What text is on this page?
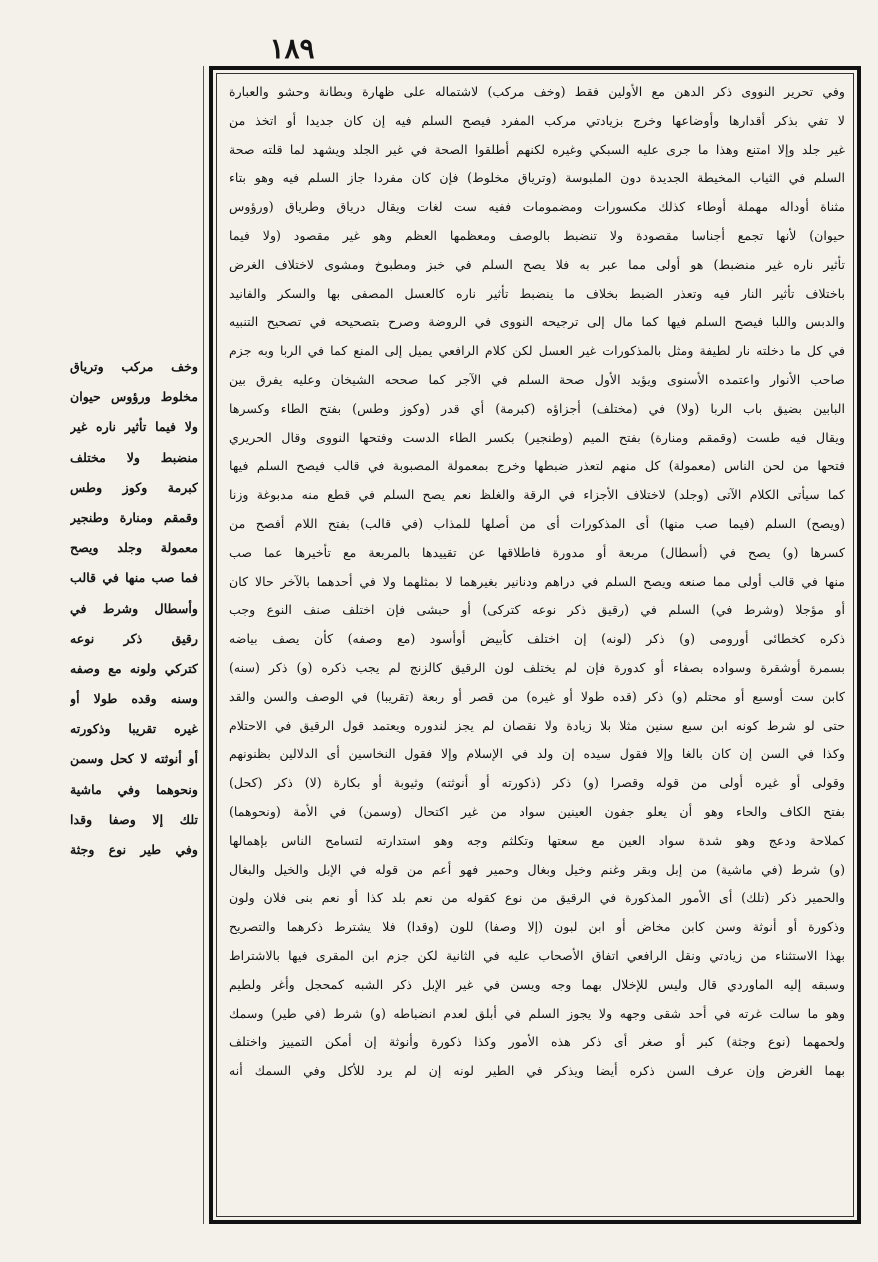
١٨٩
وخف مركب وترياق
مخلوط ورؤوس حيوان
ولا فيما تأثير ناره غير
منضبط ولا مختلف
كبرمة وكوز وطس
وقمقم ومنارة وطنجير
معمولة وجلد ويصح
فما صب منها في قالب
وأسطال وشرط في
رقيق ذكر نوعه
كتركي ولونه مع وصفه
وسنه وقده طولا أو
غيره تقريبا وذكورته
أو أنوثته لا كحل وسمن
ونحوهما وفي ماشية
تلك إلا وصفا وقدا
وفي طير نوع وجثة
وفي تحرير النووى ذكر الدهن مع الأولين فقط (وخف مركب) لاشتماله على ظهارة وبطانة وحشو والعبارة
لا تفي بذكر أقدارها وأوضاعها وخرج بزيادتي مركب المفرد فيصح السلم فيه إن كان جديدا أو اتخذ من
غير جلد وإلا امتنع وهذا ما جرى عليه السبكي وغيره لكنهم أطلقوا الصحة في غير الجلد ويشهد لما قلته صحة
السلم في الثياب المخيطة الجديدة دون الملبوسة (وترياق مخلوط) فإن كان مفردا جاز السلم فيه وهو بتاء
مثناة أوداله مهملة أوطاء كذلك مكسورات ومضمومات ففيه ست لغات ويقال درياق وطرياق (ورؤوس
حيوان) لأنها تجمع أجناسا مقصودة ولا تنضبط بالوصف ومعظمها العظم وهو غير مقصود (ولا فيما
تأثير ناره غير منضبط) هو أولى مما عبر به فلا يصح السلم في خبز ومطبوخ ومشوى لاختلاف الغرض
باختلاف تأثير النار فيه وتعذر الضبط بخلاف ما ينضبط تأثير ناره كالعسل المصفى بها والسكر والفانيد
والدبس واللبا فيصح السلم فيها كما مال إلى ترجيحه النووى في الروضة وصرح بتصحيحه في تصحيح التنبيه
في كل ما دخلته نار لطيفة ومثل بالمذكورات غير العسل لكن كلام الرافعي يميل إلى المنع كما في الربا وبه جزم
صاحب الأنوار واعتمده الأسنوى ويؤيد الأول صحة السلم في الآجر كما صححه الشيخان وعليه يفرق بين
البابين بضيق باب الربا (ولا) في (مختلف) أجزاؤه (كبرمة) أي قدر (وكوز وطس) بفتح الطاء وكسرها
ويقال فيه طست (وقمقم ومنارة) بفتح الميم (وطنجير) بكسر الطاء الدست وفتحها النووى وقال الحريري
فتحها من لحن الناس (معمولة) كل منهم لتعذر ضبطها وخرج بمعمولة المصبوبة في قالب فيصح السلم فيها
كما سيأتى الكلام الآتى (وجلد) لاختلاف الأجزاء في الرقة والغلظ نعم يصح السلم في قطع منه مدبوغة وزنا
(ويصح) السلم (فيما صب منها) أى المذكورات أى من أصلها للمذاب (في قالب) بفتح اللام أفصح من
كسرها (و) يصح في (أسطال) مربعة أو مدورة فاطلاقها عن تقييدها بالمربعة مع تأخيرها عما صب
منها في قالب أولى مما صنعه ويصح السلم في دراهم ودنانير بغيرهما لا بمثلهما ولا في أحدهما بالآخر حالا كان
أو مؤجلا (وشرط في) السلم في (رقيق ذكر نوعه كتركى) أو حبشى فإن اختلف صنف النوع وجب
ذكره كخطائى أورومى (و) ذكر (لونه) إن اختلف كأبيض أوأسود (مع وصفه) كأن يصف بياضه
بسمرة أوشقرة وسواده بصفاء أو كدورة فإن لم يختلف لون الرقيق كالزنج لم يجب ذكره (و) ذكر (سنه)
كابن ست أوسبع أو محتلم (و) ذكر (قده طولا أو غيره) من قصر أو ربعة (تقريبا) في الوصف والسن والقد
حتى لو شرط كونه ابن سبع سنين مثلا بلا زيادة ولا نقصان لم يجز لندوره ويعتمد قول الرقيق في الاحتلام
وكذا في السن إن كان بالغا وإلا فقول سيده إن ولد في الإسلام وإلا فقول النخاسين أى الدلالين بظنونهم
وقولى أو غيره أولى من قوله وقصرا (و) ذكر (ذكورته أو أنوثته) وثيوبة أو بكارة (لا) ذكر (كحل)
بفتح الكاف والحاء وهو أن يعلو جفون العينين سواد من غير اكتحال (وسمن) في الأمة (ونحوهما)
كملاحة ودعج وهو شدة سواد العين مع سعتها وتكلثم وجه وهو استدارته لتسامح الناس بإهمالها
(و) شرط (في ماشية) من إبل وبقر وغنم وخيل وبغال وحمير فهو أعم من قوله في الإبل والخيل والبغال
والحمير ذكر (تلك) أى الأمور المذكورة في الرقيق من نوع كقوله من نعم بلد كذا أو نعم بنى فلان ولون
وذكورة أو أنوثة وسن كابن مخاض أو ابن لبون (إلا وصفا) للون (وقدا) فلا يشترط ذكرهما والتصريح
بهذا الاستثناء من زيادتي ونقل الرافعي اتفاق الأصحاب عليه في الثانية لكن جزم ابن المقرى فيها بالاشتراط
وسبقه إليه الماوردي قال وليس للإخلال بهما وجه ويسن في غير الإبل ذكر الشبه كمحجل وأغر ولطيم
وهو ما سالت غرته في أحد شقى وجهه ولا يجوز السلم في أبلق لعدم انضباطه (و) شرط (في طير) وسمك
ولحمهما (نوع وجثة) كبر أو صغر أى ذكر هذه الأمور وكذا ذكورة وأنوثة إن أمكن التمييز واختلف
بهما الغرض وإن عرف السن ذكره أيضا ويذكر في الطير لونه إن لم يرد للأكل وفي السمك أنه
